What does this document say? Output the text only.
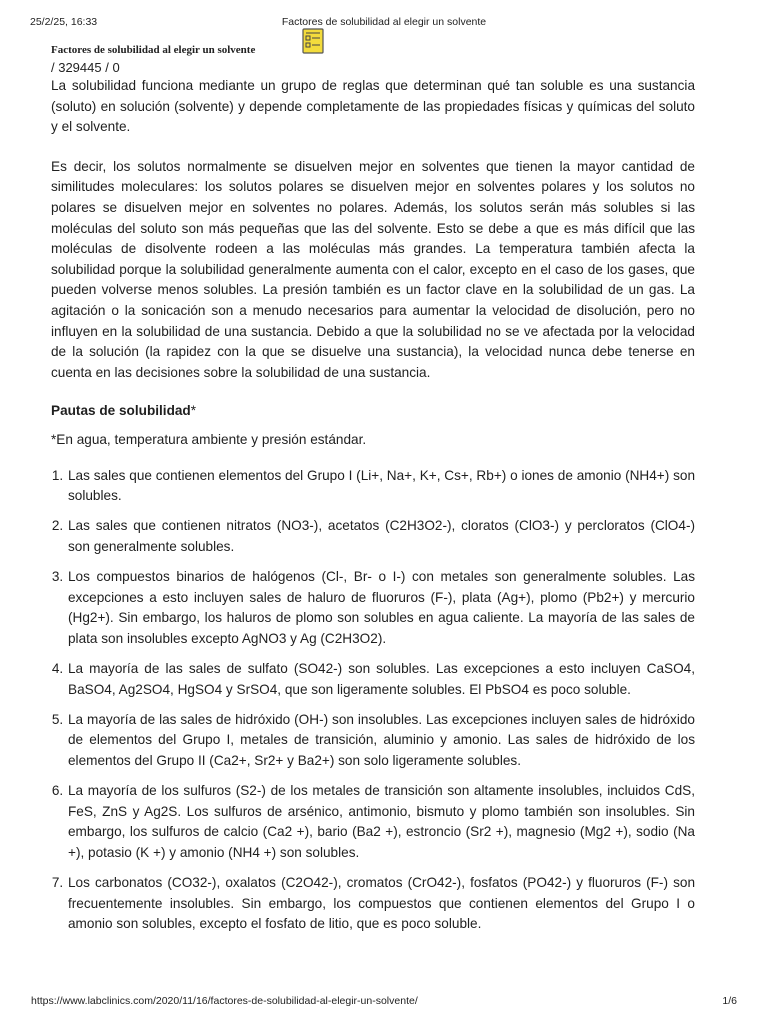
25/2/25, 16:33	Factores de solubilidad al elegir un solvente
Factores de solubilidad al elegir un solvente
/ 329445 / 0

La solubilidad funciona mediante un grupo de reglas que determinan qué tan soluble es una sustancia (soluto) en solución (solvente) y depende completamente de las propiedades físicas y químicas del soluto y el solvente.

Es decir, los solutos normalmente se disuelven mejor en solventes que tienen la mayor cantidad de similitudes moleculares: los solutos polares se disuelven mejor en solventes polares y los solutos no polares se disuelven mejor en solventes no polares. Además, los solutos serán más solubles si las moléculas del soluto son más pequeñas que las del solvente. Esto se debe a que es más difícil que las moléculas de disolvente rodeen a las moléculas más grandes. La temperatura también afecta la solubilidad porque la solubilidad generalmente aumenta con el calor, excepto en el caso de los gases, que pueden volverse menos solubles. La presión también es un factor clave en la solubilidad de un gas. La agitación o la sonicación son a menudo necesarios para aumentar la velocidad de disolución, pero no influyen en la solubilidad de una sustancia. Debido a que la solubilidad no se ve afectada por la velocidad de la solución (la rapidez con la que se disuelve una sustancia), la velocidad nunca debe tenerse en cuenta en las decisiones sobre la solubilidad de una sustancia.

Pautas de solubilidad*

*En agua, temperatura ambiente y presión estándar.

1. Las sales que contienen elementos del Grupo I (Li+, Na+, K+, Cs+, Rb+) o iones de amonio (NH4+) son solubles.
2. Las sales que contienen nitratos (NO3-), acetatos (C2H3O2-), cloratos (ClO3-) y percloratos (ClO4-) son generalmente solubles.
3. Los compuestos binarios de halógenos (Cl-, Br- o I-) con metales son generalmente solubles. Las excepciones a esto incluyen sales de haluro de fluoruros (F-), plata (Ag+), plomo (Pb2+) y mercurio (Hg2+). Sin embargo, los haluros de plomo son solubles en agua caliente. La mayoría de las sales de plata son insolubles excepto AgNO3 y Ag (C2H3O2).
4. La mayoría de las sales de sulfato (SO42-) son solubles. Las excepciones a esto incluyen CaSO4, BaSO4, Ag2SO4, HgSO4 y SrSO4, que son ligeramente solubles. El PbSO4 es poco soluble.
5. La mayoría de las sales de hidróxido (OH-) son insolubles. Las excepciones incluyen sales de hidróxido de elementos del Grupo I, metales de transición, aluminio y amonio. Las sales de hidróxido de los elementos del Grupo II (Ca2+, Sr2+ y Ba2+) son solo ligeramente solubles.
6. La mayoría de los sulfuros (S2-) de los metales de transición son altamente insolubles, incluidos CdS, FeS, ZnS y Ag2S. Los sulfuros de arsénico, antimonio, bismuto y plomo también son insolubles. Sin embargo, los sulfuros de calcio (Ca2 +), bario (Ba2 +), estroncio (Sr2 +), magnesio (Mg2 +), sodio (Na +), potasio (K +) y amonio (NH4 +) son solubles.
7. Los carbonatos (CO32-), oxalatos (C2O42-), cromatos (CrO42-), fosfatos (PO42-) y fluoruros (F-) son frecuentemente insolubles. Sin embargo, los compuestos que contienen elementos del Grupo I o amonio son solubles, excepto el fosfato de litio, que es poco soluble.
https://www.labclinics.com/2020/11/16/factores-de-solubilidad-al-elegir-un-solvente/	1/6
